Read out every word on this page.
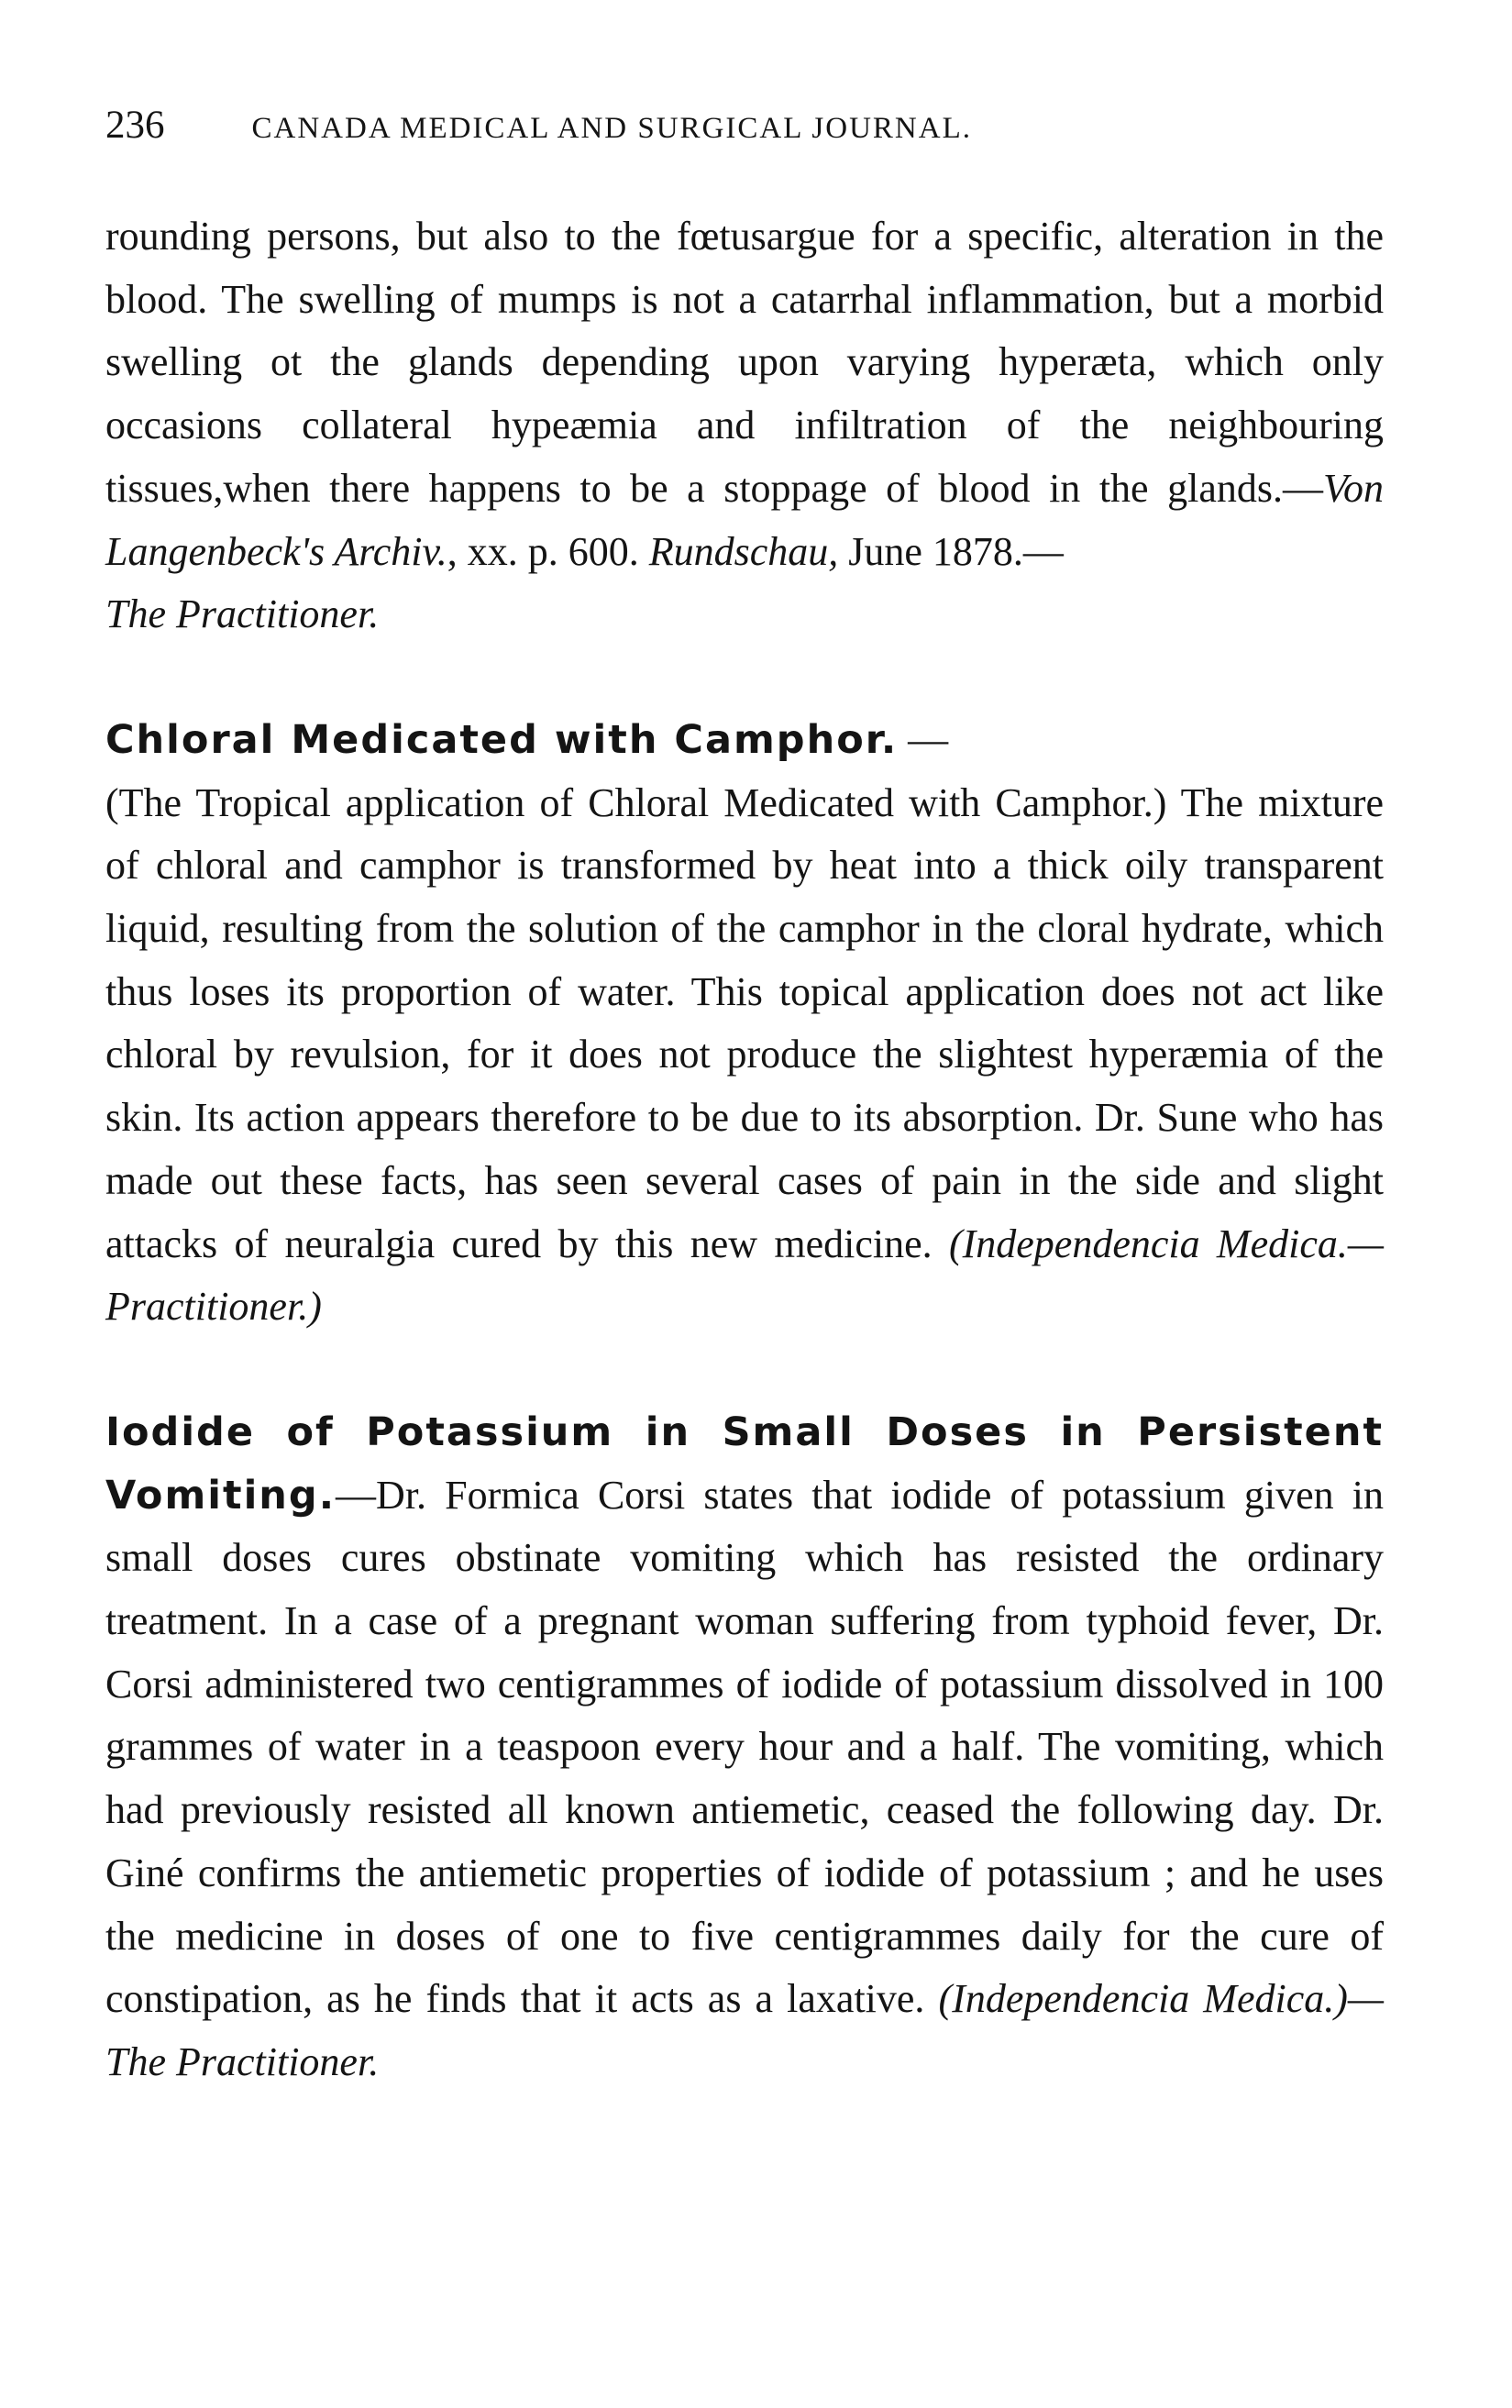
236	CANADA MEDICAL AND SURGICAL JOURNAL.

rounding persons, but also to the fœtusargue for a specific, alteration in the blood. The swelling of mumps is not a catarrhal inflammation, but a morbid swelling ot the glands depending upon varying hyperæta, which only occasions collateral hypeæmia and infiltration of the neighbouring tissues,when there happens to be a stoppage of blood in the glands.—Von Langenbeck's Archiv., xx. p. 600. Rundschau, June 1878.—
The Practitioner.

Chloral Medicated with Camphor. —
(The Tropical application of Chloral Medicated with Camphor.) The mixture of chloral and camphor is transformed by heat into a thick oily transparent liquid, resulting from the solution of the camphor in the cloral hydrate, which thus loses its proportion of water. This topical application does not act like chloral by revulsion, for it does not produce the slightest hyperæmia of the skin. Its action appears therefore to be due to its absorption. Dr. Sune who has made out these facts, has seen several cases of pain in the side and slight attacks of neuralgia cured by this new medicine. (Independencia Medica.—Practitioner.)

Iodide of Potassium in Small Doses in Persistent Vomiting.—Dr. Formica Corsi states that iodide of potassium given in small doses cures obstinate vomiting which has resisted the ordinary treatment. In a case of a pregnant woman suffering from typhoid fever, Dr. Corsi administered two centigrammes of iodide of potassium dissolved in 100 grammes of water in a teaspoon every hour and a half. The vomiting, which had previously resisted all known antiemetic, ceased the following day. Dr. Giné confirms the antiemetic properties of iodide of potassium ; and he uses the medicine in doses of one to five centigrammes daily for the cure of constipation, as he finds that it acts as a laxative. (Independencia Medica.)—The Practitioner.
